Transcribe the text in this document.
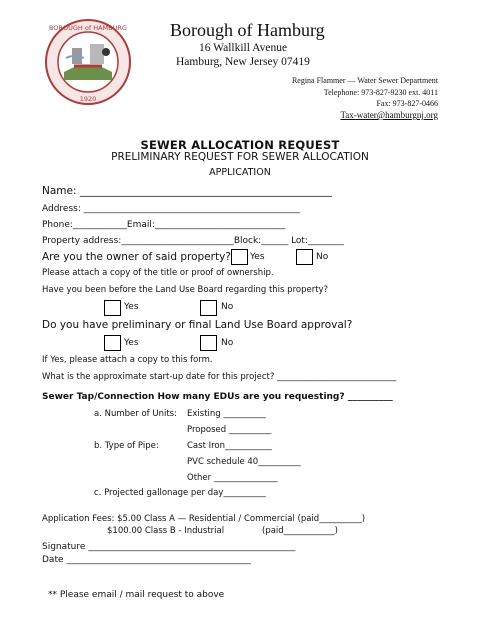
BOROUGH of HAMBURG
1920
Borough of Hamburg
16 Wallkill Avenue
Hamburg, New Jersey 07419
Regina Flammer — Water Sewer Department
Telephone: 973-827-9230 ext. 4011
Fax: 973-827-0466
Tax-water@hamburgnj.org
SEWER ALLOCATION REQUEST
PRELIMINARY REQUEST FOR SEWER ALLOCATION
APPLICATION
Name: ________________________________________________
Address: ________________________________________________
Phone:____________Email:_____________________________
Property address:_________________________Block:______ Lot:________
Are you the owner of said property? Yes	No
Please attach a copy of the title or proof of ownership.
Have you been before the Land Use Board regarding this property?
Yes	No
Do you have preliminary or final Land Use Board approval?
Yes	No
If Yes, please attach a copy to this form.
What is the approximate start-up date for this project? ____________________________
Sewer Tap/Connection How many EDUs are you requesting? __________
a. Number of Units: Existing __________
Proposed __________
b. Type of Pipe:	Cast Iron___________
PVC schedule 40__________
Other _______________
c. Projected gallonage per day__________
Application Fees: $5.00 Class A — Residential / Commercial (paid__________)
$100.00 Class B - Industrial	(paid____________)
Signature ______________________________________________
Date _________________________________________
** Please email / mail request to above
